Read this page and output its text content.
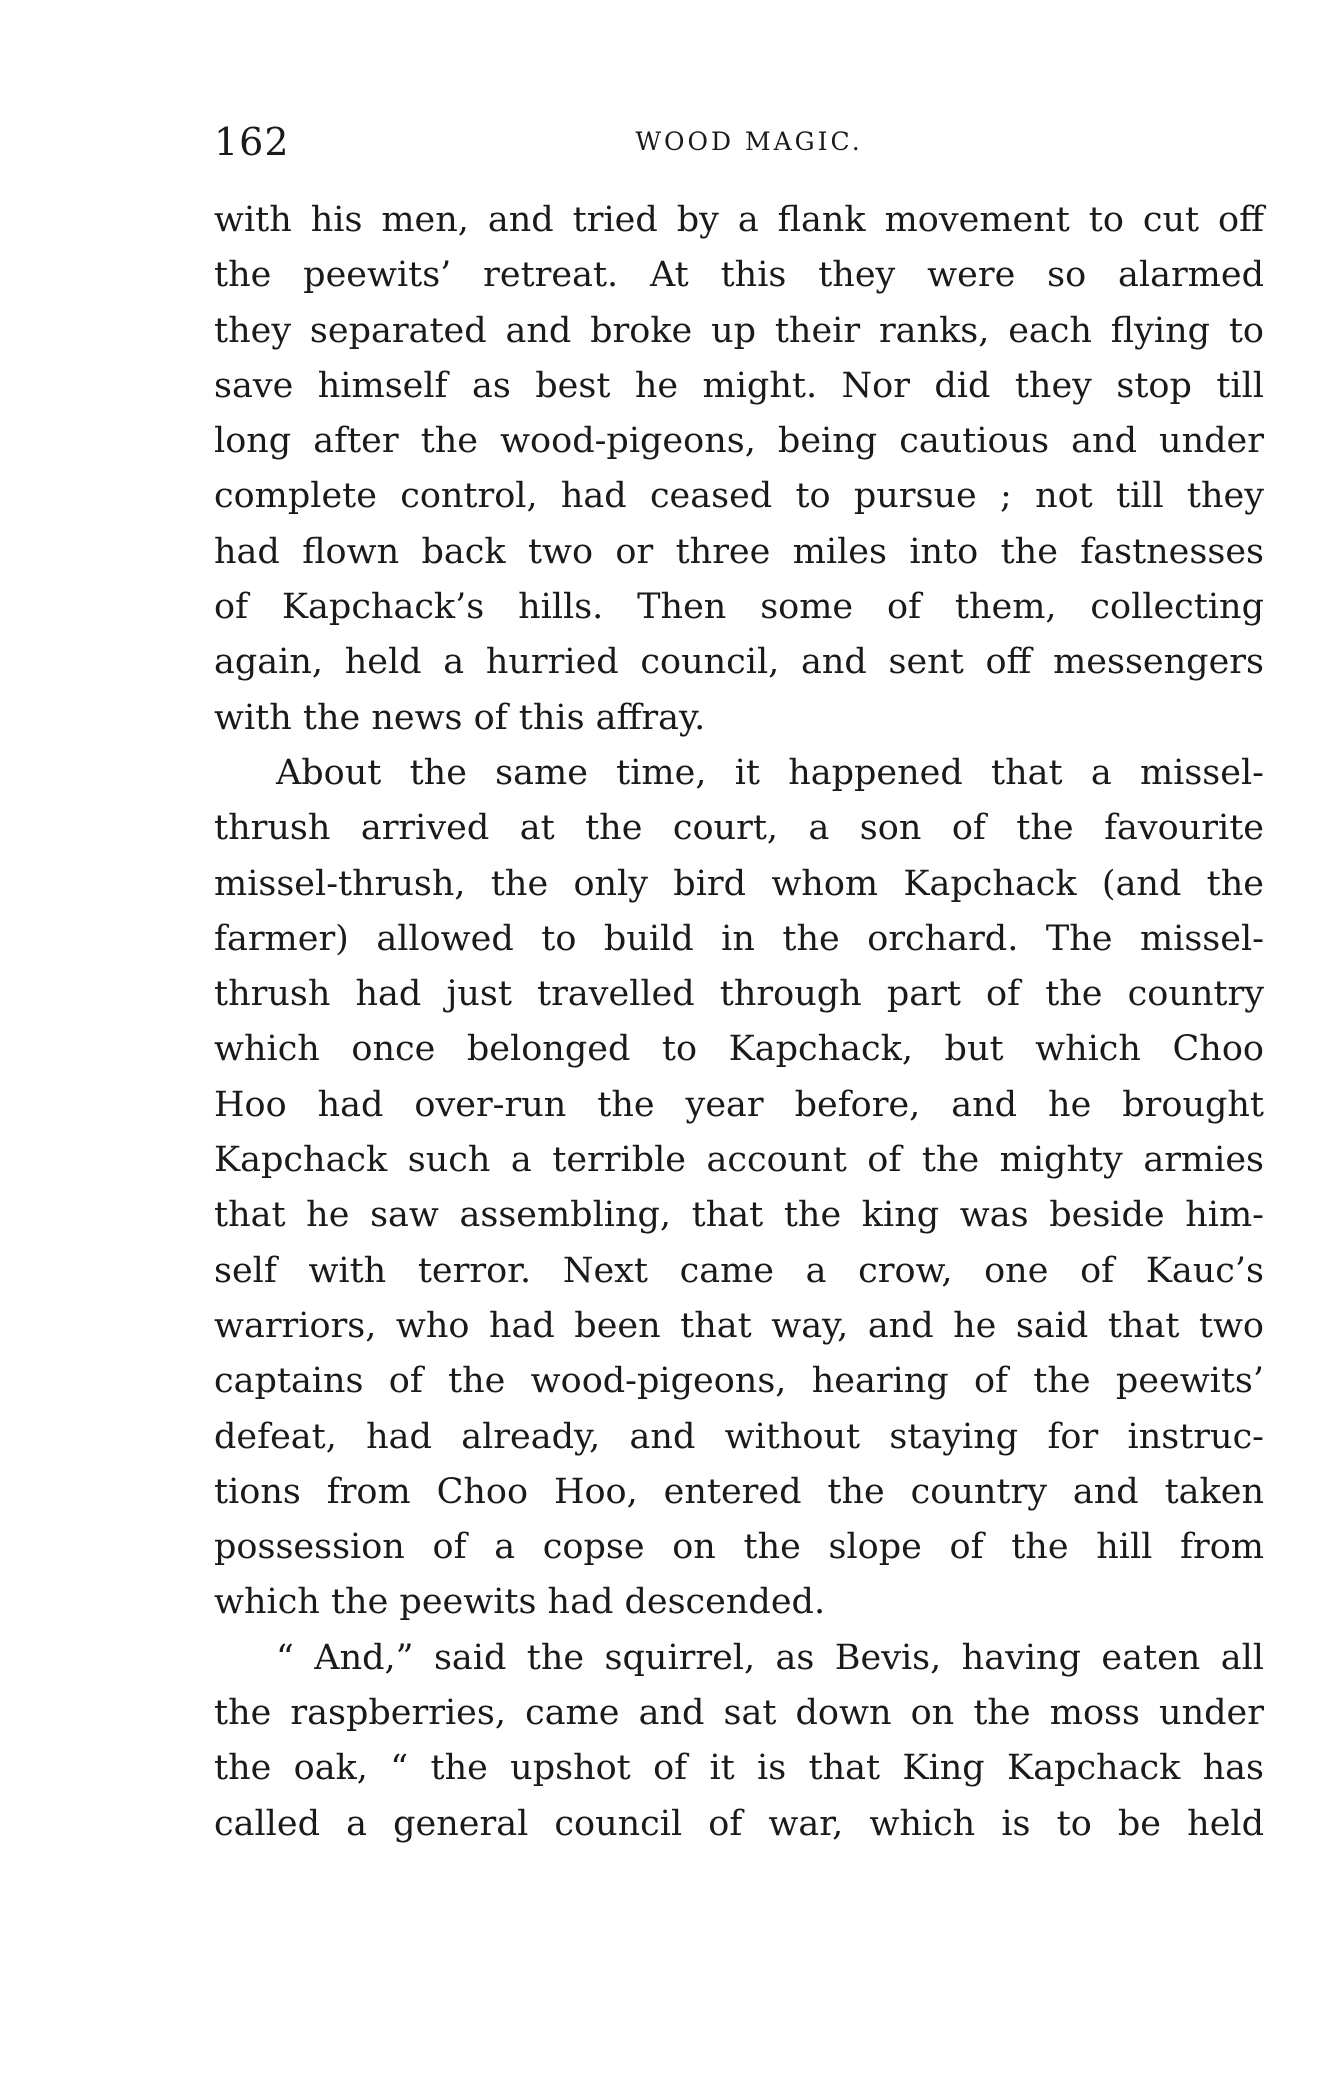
162	WOOD MAGIC.
with his men, and tried by a flank movement to cut off
the peewits’ retreat. At this they were so alarmed
they separated and broke up their ranks, each flying to
save himself as best he might. Nor did they stop till
long after the wood-pigeons, being cautious and under
complete control, had ceased to pursue ; not till they
had flown back two or three miles into the fastnesses
of Kapchack’s hills. Then some of them, collecting
again, held a hurried council, and sent off messengers
with the news of this affray.
About the same time, it happened that a missel-
thrush arrived at the court, a son of the favourite
missel-thrush, the only bird whom Kapchack (and the
farmer) allowed to build in the orchard. The missel-
thrush had just travelled through part of the country
which once belonged to Kapchack, but which Choo
Hoo had over-run the year before, and he brought
Kapchack such a terrible account of the mighty armies
that he saw assembling, that the king was beside him-
self with terror. Next came a crow, one of Kauc’s
warriors, who had been that way, and he said that two
captains of the wood-pigeons, hearing of the peewits’
defeat, had already, and without staying for instruc-
tions from Choo Hoo, entered the country and taken
possession of a copse on the slope of the hill from
which the peewits had descended.
“ And,” said the squirrel, as Bevis, having eaten all
the raspberries, came and sat down on the moss under
the oak, “ the upshot of it is that King Kapchack has
called a general council of war, which is to be held
